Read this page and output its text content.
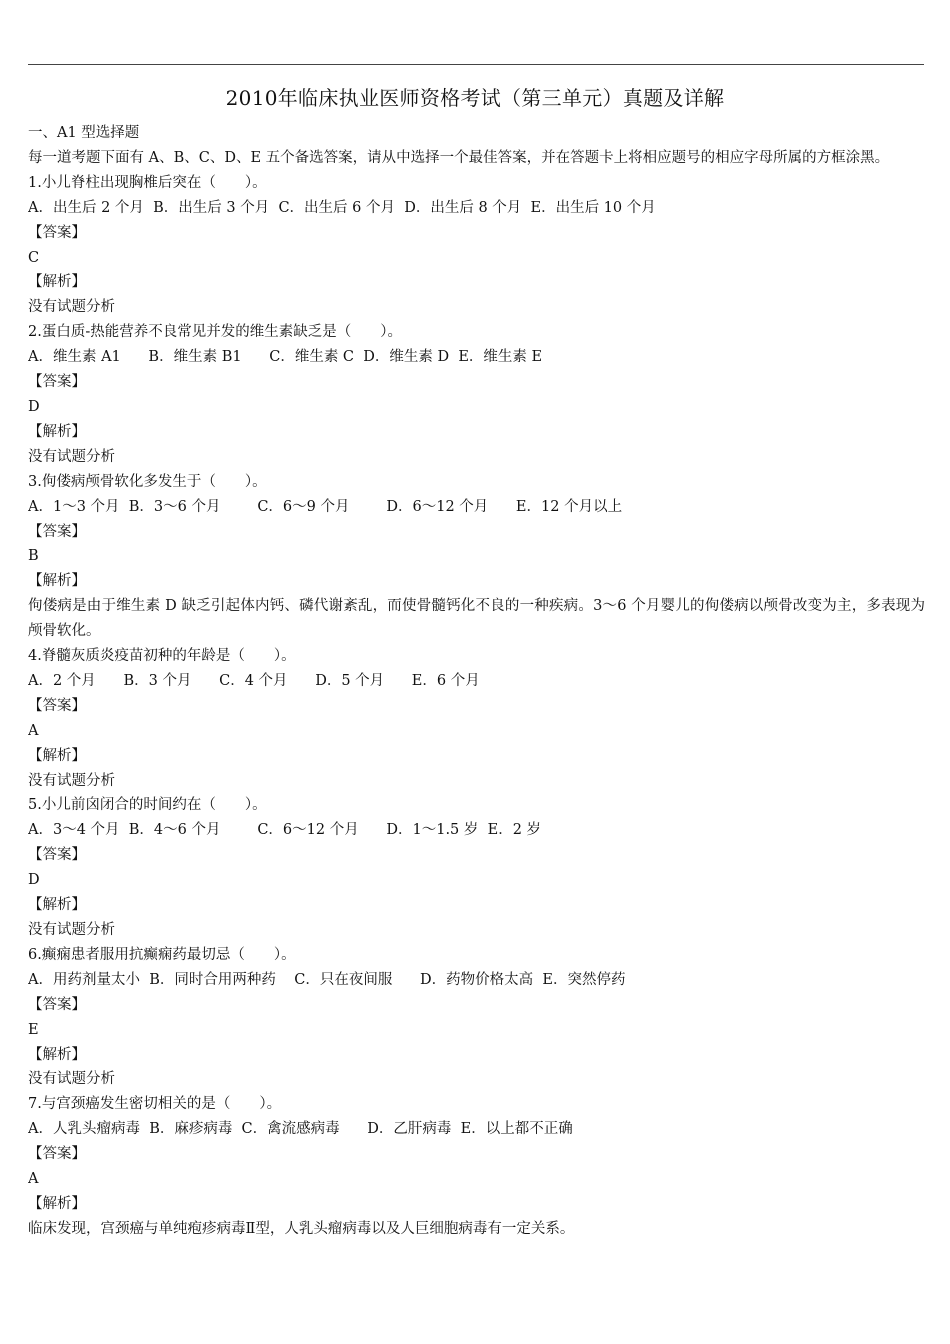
2010年临床执业医师资格考试（第三单元）真题及详解
一、A1 型选择题
每一道考题下面有 A、B、C、D、E 五个备选答案，请从中选择一个最佳答案，并在答题卡上将相应题号的相应字母所属的方框涂黑。
1.小儿脊柱出现胸椎后突在（　　）。
A．出生后 2 个月  B．出生后 3 个月  C．出生后 6 个月  D．出生后 8 个月  E．出生后 10 个月
【答案】
C
【解析】
没有试题分析
2.蛋白质-热能营养不良常见并发的维生素缺乏是（　　）。
A．维生素 A1      B．维生素 B1      C．维生素 C  D．维生素 D  E．维生素 E
【答案】
D
【解析】
没有试题分析
3.佝偻病颅骨软化多发生于（　　）。
A．1～3 个月  B．3～6 个月        C．6～9 个月        D．6～12 个月      E．12 个月以上
【答案】
B
【解析】
佝偻病是由于维生素 D 缺乏引起体内钙、磷代谢紊乱，而使骨髓钙化不良的一种疾病。3～6 个月婴儿的佝偻病以颅骨改变为主，多表现为颅骨软化。
4.脊髓灰质炎疫苗初种的年龄是（　　）。
A．2 个月      B．3 个月      C．4 个月      D．5 个月      E．6 个月
【答案】
A
【解析】
没有试题分析
5.小儿前囟闭合的时间约在（　　）。
A．3～4 个月  B．4～6 个月        C．6～12 个月      D．1～1.5 岁  E．2 岁
【答案】
D
【解析】
没有试题分析
6.癫痫患者服用抗癫痫药最切忌（　　）。
A．用药剂量太小  B．同时合用两种药    C．只在夜间服      D．药物价格太高  E．突然停药
【答案】
E
【解析】
没有试题分析
7.与宫颈癌发生密切相关的是（　　）。
A．人乳头瘤病毒  B．麻疹病毒  C．禽流感病毒      D．乙肝病毒  E．以上都不正确
【答案】
A
【解析】
临床发现，宫颈癌与单纯疱疹病毒Ⅱ型，人乳头瘤病毒以及人巨细胞病毒有一定关系。
